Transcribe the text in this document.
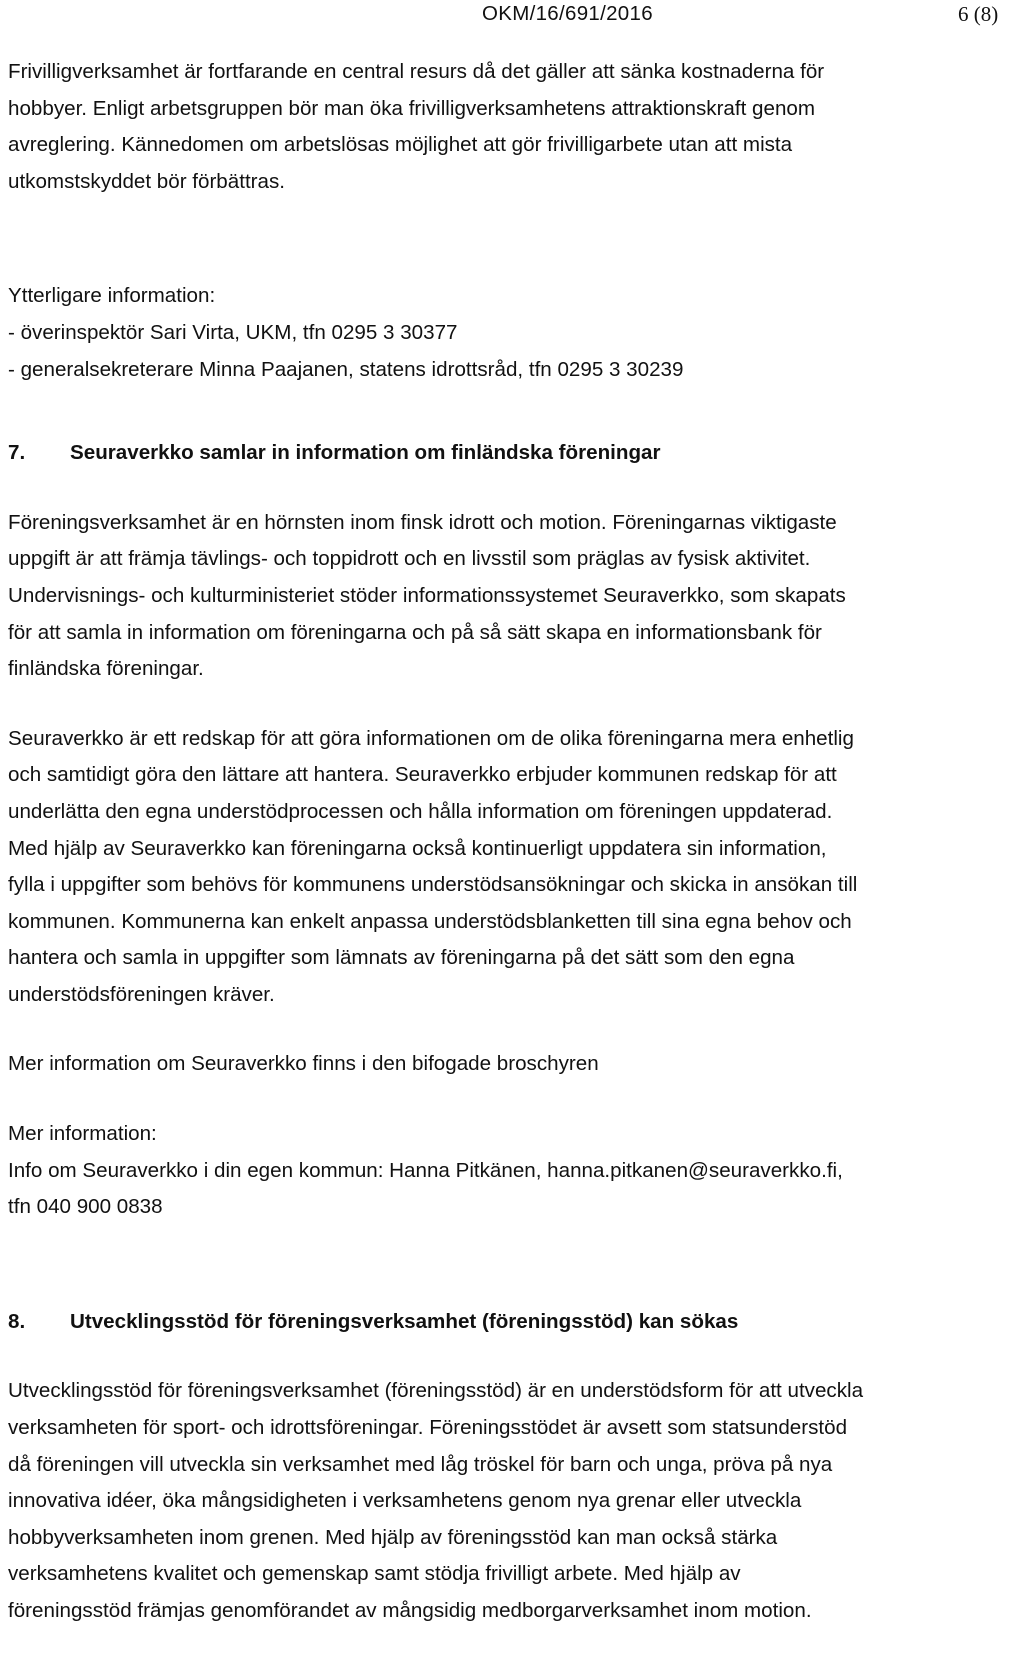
OKM/16/691/2016	6 (8)

Frivilligverksamhet är fortfarande en central resurs då det gäller att sänka kostnaderna för
hobbyer. Enligt arbetsgruppen bör man öka frivilligverksamhetens attraktionskraft genom
avreglering. Kännedomen om arbetslösas möjlighet att gör frivilligarbete utan att mista
utkomstskyddet bör förbättras.

Ytterligare information:
- överinspektör Sari Virta, UKM, tfn 0295 3 30377
- generalsekreterare Minna Paajanen, statens idrottsråd, tfn 0295 3 30239

7.	Seuraverkko samlar in information om finländska föreningar

Föreningsverksamhet är en hörnsten inom finsk idrott och motion. Föreningarnas viktigaste
uppgift är att främja tävlings- och toppidrott och en livsstil som präglas av fysisk aktivitet.
Undervisnings- och kulturministeriet stöder informationssystemet Seuraverkko, som skapats
för att samla in information om föreningarna och på så sätt skapa en informationsbank för
finländska föreningar.

Seuraverkko är ett redskap för att göra informationen om de olika föreningarna mera enhetlig
och samtidigt göra den lättare att hantera. Seuraverkko erbjuder kommunen redskap för att
underlätta den egna understödprocessen och hålla information om föreningen uppdaterad.
Med hjälp av Seuraverkko kan föreningarna också kontinuerligt uppdatera sin information,
fylla i uppgifter som behövs för kommunens understödsansökningar och skicka in ansökan till
kommunen. Kommunerna kan enkelt anpassa understödsblanketten till sina egna behov och
hantera och samla in uppgifter som lämnats av föreningarna på det sätt som den egna
understödsföreningen kräver.

Mer information om Seuraverkko finns i den bifogade broschyren

Mer information:
Info om Seuraverkko i din egen kommun: Hanna Pitkänen, hanna.pitkanen@seuraverkko.fi,
tfn 040 900 0838

8.	Utvecklingsstöd för föreningsverksamhet (föreningsstöd) kan sökas

Utvecklingsstöd för föreningsverksamhet (föreningsstöd) är en understödsform för att utveckla
verksamheten för sport- och idrottsföreningar. Föreningsstödet är avsett som statsunderstöd
då föreningen vill utveckla sin verksamhet med låg tröskel för barn och unga, pröva på nya
innovativa idéer, öka mångsidigheten i verksamhetens genom nya grenar eller utveckla
hobbyverksamheten inom grenen. Med hjälp av föreningsstöd kan man också stärka
verksamhetens kvalitet och gemenskap samt stödja frivilligt arbete. Med hjälp av
föreningsstöd främjas genomförandet av mångsidig medborgarverksamhet inom motion.
